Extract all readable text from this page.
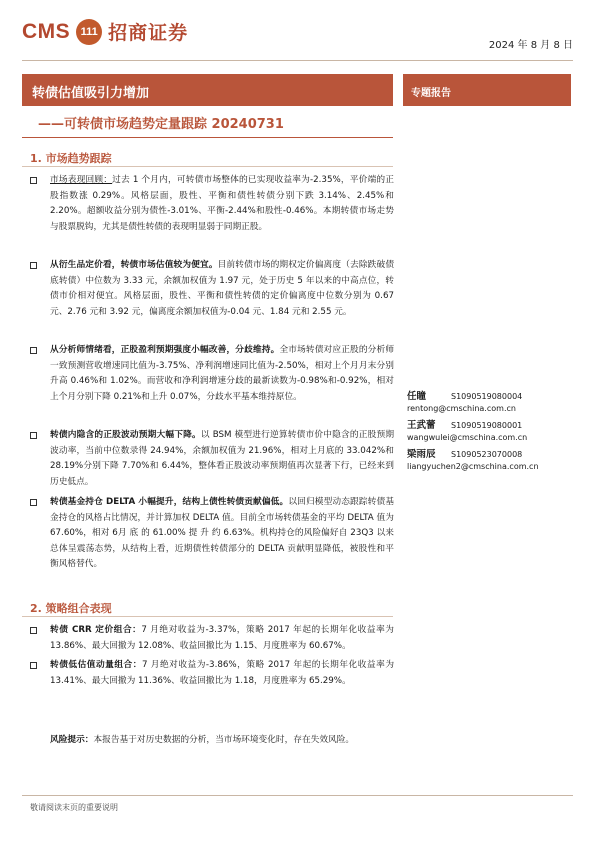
CMS 111 招商证券
2024 年 8 月 8 日
转债估值吸引力增加	专题报告
——可转债市场趋势定量跟踪 20240731
1. 市场趋势跟踪
市场表现回顾：过去 1 个月内，可转债市场整体的已实现收益率为-2.35%，平价端的正股指数涨 0.29%。风格层面，股性、平衡和债性转债分别下跌 3.14%、2.45%和 2.20%。超额收益分别为债性-3.01%、平衡-2.44%和股性-0.46%。本期转债市场走势与股票脱钩，尤其是债性转债的表现明显弱于同期正股。
从衍生品定价看，转债市场估值较为便宜。目前转债市场的期权定价偏离度（去除跌破债底转债）中位数为 3.33 元，余额加权值为 1.97 元，处于历史 5 年以来的中高点位，转债市价相对便宜。风格层面，股性、平衡和债性转债的定价偏离度中位数分别为 0.67 元、2.76 元和 3.92 元，偏离度余额加权值为-0.04 元、1.84 元和 2.55 元。
从分析师情绪看，正股盈利预期强度小幅改善，分歧维持。全市场转债对应正股的分析师一致预测营收增速同比值为-3.75%、净利润增速同比值为-2.50%，相对上个月月末分别升高 0.46%和 1.02%。而营收和净利润增速分歧的最新读数为-0.98%和-0.92%，相对上个月分别下降 0.21%和上升 0.07%，分歧水平基本维持原位。
转债内隐含的正股波动预期大幅下降。以 BSM 模型进行逆算转债市价中隐含的正股预期波动率，当前中位数录得 24.94%，余额加权值为 21.96%，相对上月底的 33.042%和 28.19%分别下降 7.70%和 6.44%，整体看正股波动率预期值再次显著下行，已经来到历史低点。
转债基金持仓 DELTA 小幅提升，结构上债性转债贡献偏低。以回归模型动态跟踪转债基金持仓的风格占比情况，并计算加权 DELTA 值。目前全市场转债基金的平均 DELTA 值为 67.60%，相对 6月 底 的 61.00% 提 升 约 6.63%。机构持仓的风险偏好自 23Q3 以来总体呈震荡态势，从结构上看，近期债性转债部分的 DELTA 贡献明显降低，被股性和平衡风格替代。
2. 策略组合表现
转债 CRR 定价组合：7 月绝对收益为-3.37%，策略 2017 年起的长期年化收益率为 13.86%、最大回撤为 12.08%、收益回撤比为 1.15、月度胜率为 60.67%。
转债低估值动量组合：7 月绝对收益为-3.86%，策略 2017 年起的长期年化收益率为 13.41%、最大回撤为 11.36%、收益回撤比为 1.18，月度胜率为 65.29%。
风险提示：本报告基于对历史数据的分析，当市场环境变化时，存在失效风险。
任瞳	S1090519080004
rentong@cmschina.com.cn
王武蕾 S1090519080001
wangwulei@cmschina.com.cn
梁雨辰 S1090523070008
liangyuchen2@cmschina.com.cn
敬请阅读末页的重要说明
